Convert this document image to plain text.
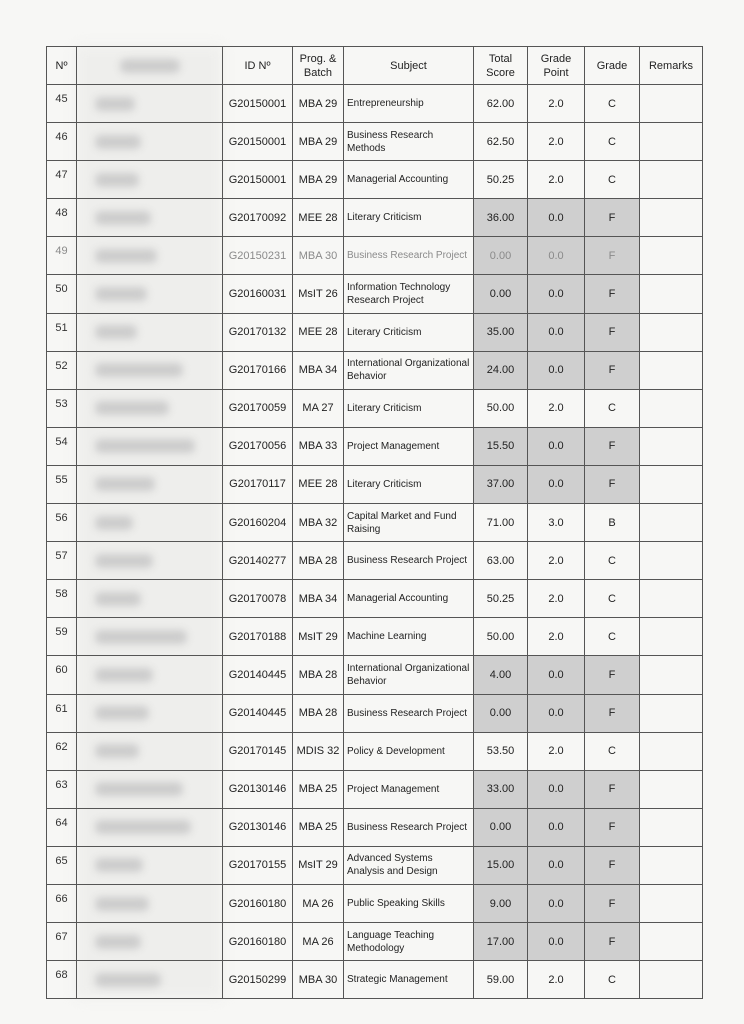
Nº		ID Nº	Prog. & Batch	Subject	Total Score	Grade Point	Grade	Remarks
45		G20150001	MBA 29	Entrepreneurship	62.00	2.0	C	
46		G20150001	MBA 29	Business Research Methods	62.50	2.0	C	
47		G20150001	MBA 29	Managerial Accounting	50.25	2.0	C	
48		G20170092	MEE 28	Literary Criticism	36.00	0.0	F	
49		G20150231	MBA 30	Business Research Project	0.00	0.0	F	
50		G20160031	MsIT 26	Information Technology Research Project	0.00	0.0	F	
51		G20170132	MEE 28	Literary Criticism	35.00	0.0	F	
52		G20170166	MBA 34	International Organizational Behavior	24.00	0.0	F	
53		G20170059	MA 27	Literary Criticism	50.00	2.0	C	
54		G20170056	MBA 33	Project Management	15.50	0.0	F	
55		G20170117	MEE 28	Literary Criticism	37.00	0.0	F	
56		G20160204	MBA 32	Capital Market and Fund Raising	71.00	3.0	B	
57		G20140277	MBA 28	Business Research Project	63.00	2.0	C	
58		G20170078	MBA 34	Managerial Accounting	50.25	2.0	C	
59		G20170188	MsIT 29	Machine Learning	50.00	2.0	C	
60		G20140445	MBA 28	International Organizational Behavior	4.00	0.0	F	
61		G20140445	MBA 28	Business Research Project	0.00	0.0	F	
62		G20170145	MDIS 32	Policy & Development	53.50	2.0	C	
63		G20130146	MBA 25	Project Management	33.00	0.0	F	
64		G20130146	MBA 25	Business Research Project	0.00	0.0	F	
65		G20170155	MsIT 29	Advanced Systems Analysis and Design	15.00	0.0	F	
66		G20160180	MA 26	Public Speaking Skills	9.00	0.0	F	
67		G20160180	MA 26	Language Teaching Methodology	17.00	0.0	F	
68		G20150299	MBA 30	Strategic Management	59.00	2.0	C	
